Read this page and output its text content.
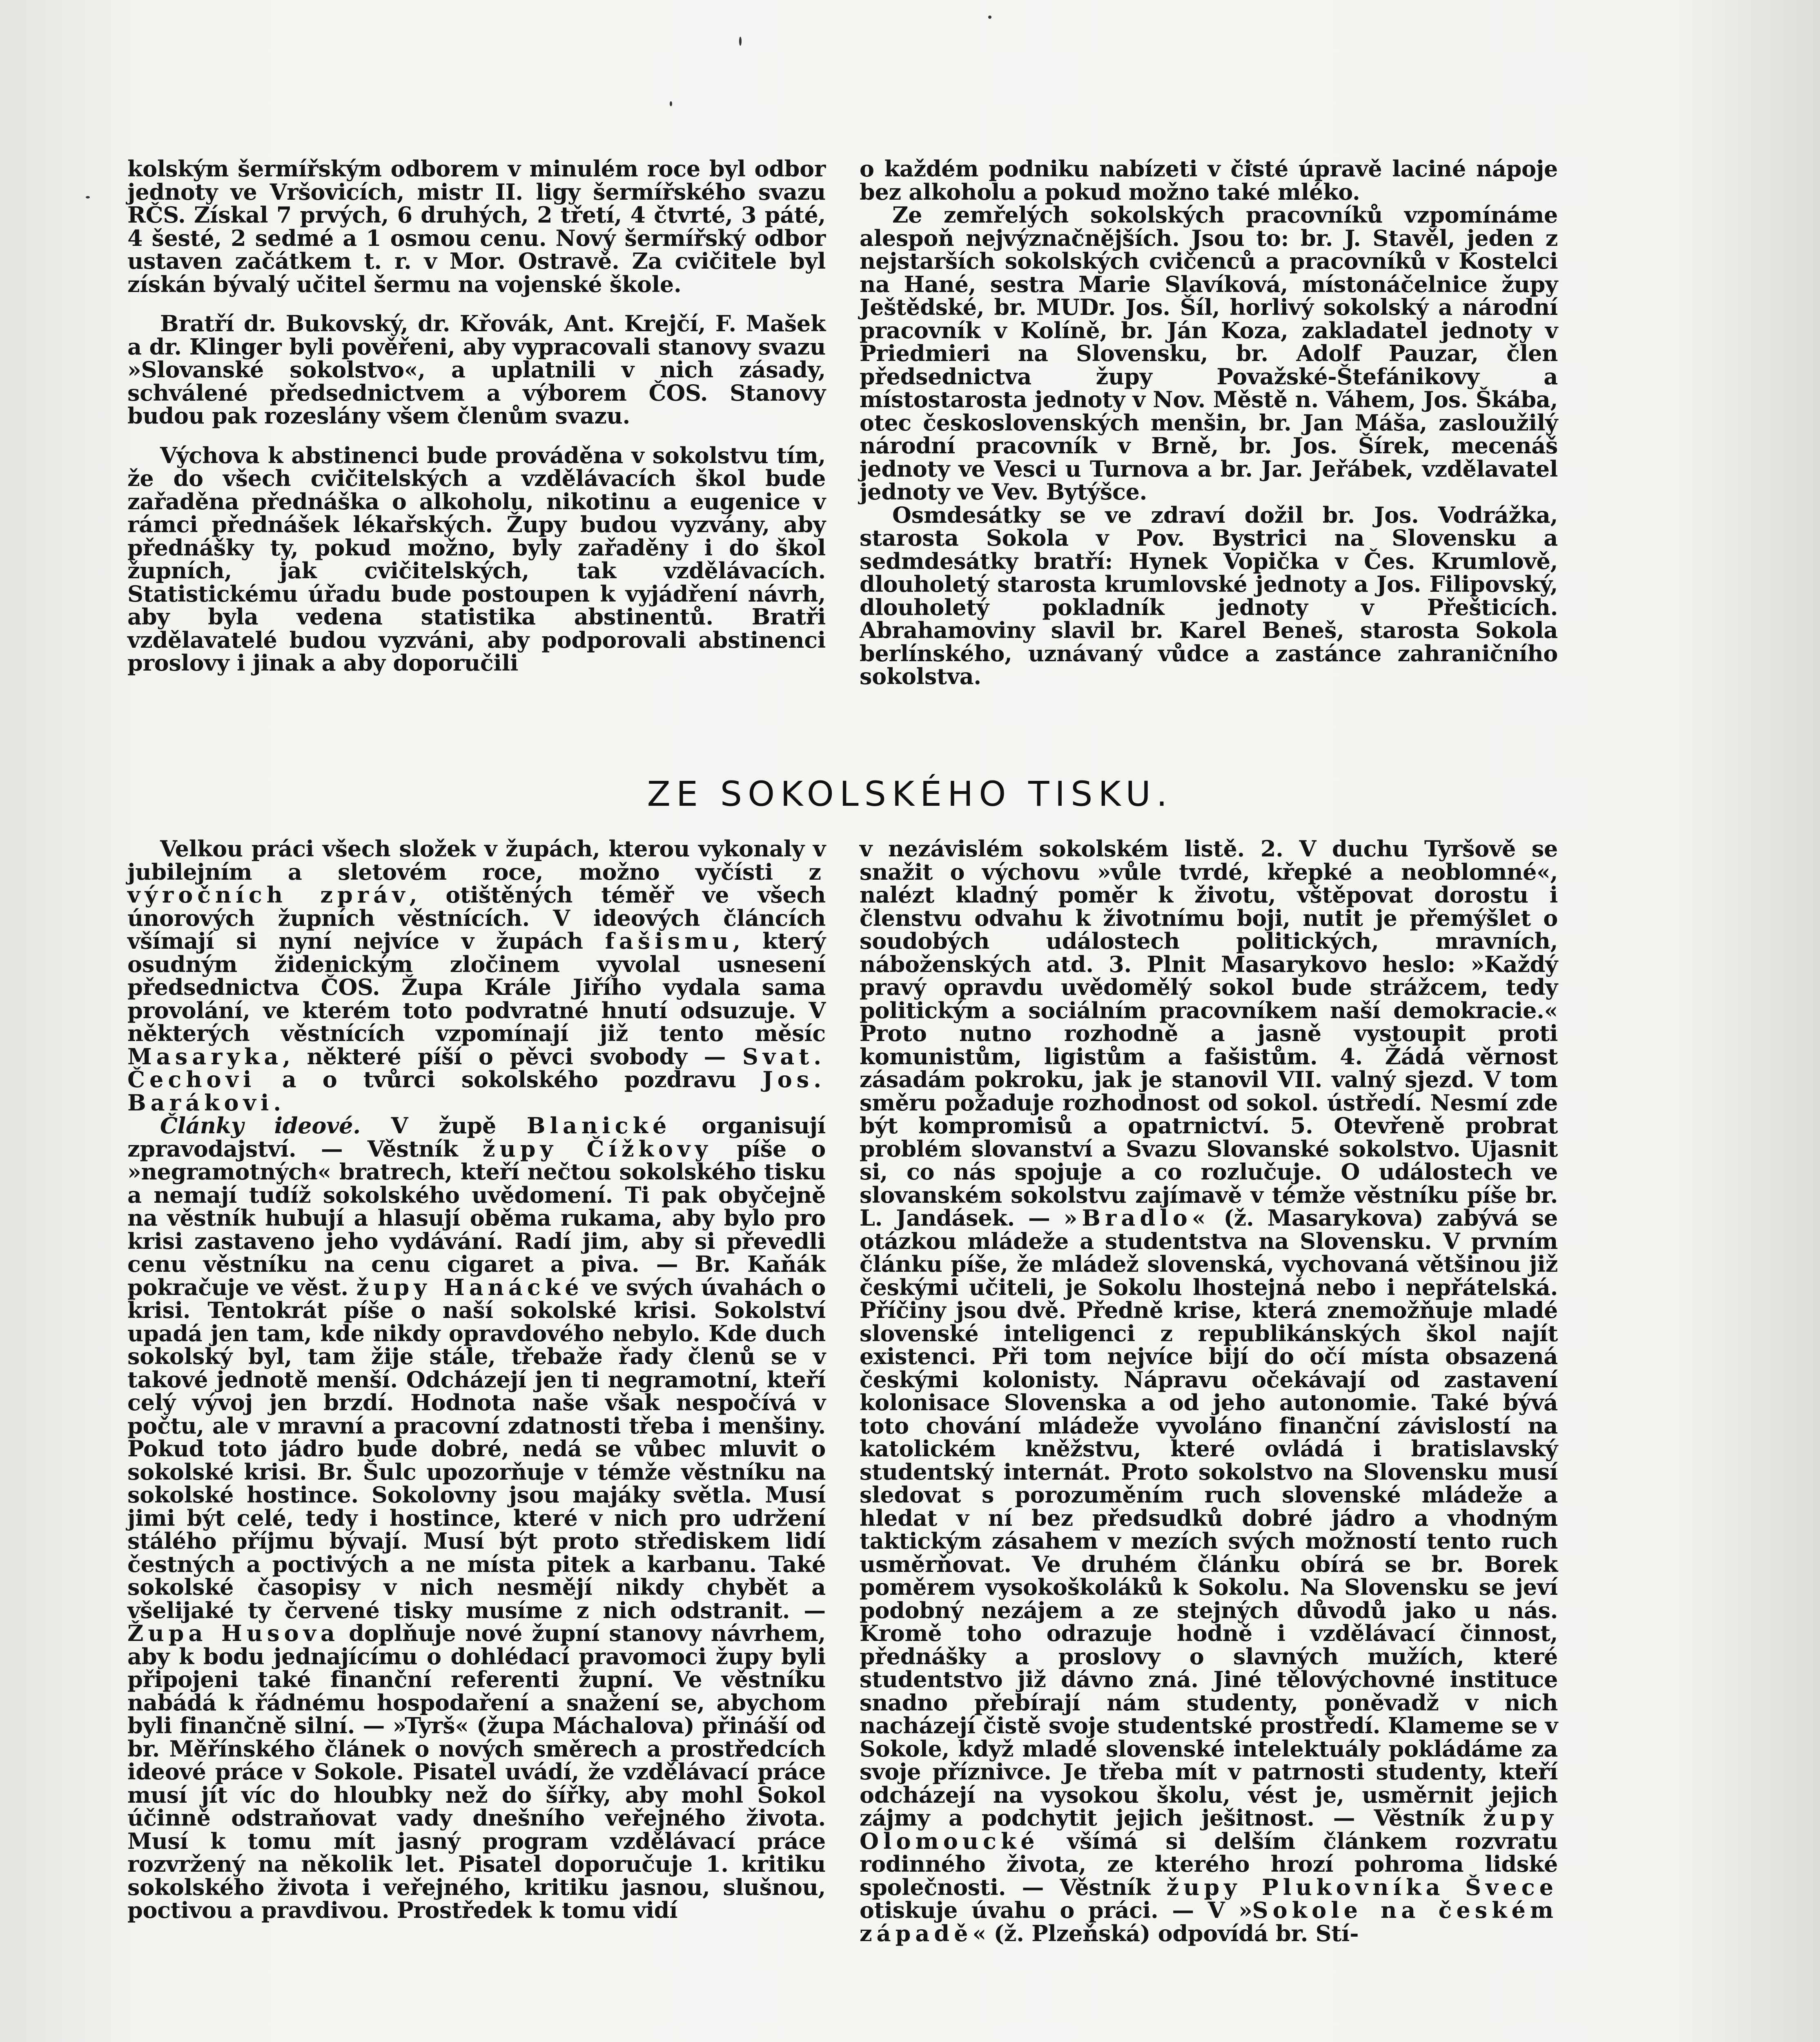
kolským šermířským odborem v minulém roce byl odbor jednoty ve Vršovicích, mistr II. ligy šermířského svazu RČS. Získal 7 prvých, 6 druhých, 2 třetí, 4 čtvrté, 3 páté, 4 šesté, 2 sedmé a 1 osmou cenu. Nový šermířský odbor ustaven začátkem t. r. v Mor. Ostravě. Za cvičitele byl získán bývalý učitel šermu na vojenské škole.

Bratří dr. Bukovský, dr. Křovák, Ant. Krejčí, F. Mašek a dr. Klinger byli pověřeni, aby vypracovali stanovy svazu »Slovanské sokolstvo«, a uplatnili v nich zásady, schválené předsednictvem a výborem ČOS. Stanovy budou pak rozeslány všem členům svazu.

Výchova k abstinenci bude prováděna v sokolstvu tím, že do všech cvičitelských a vzdělávacích škol bude zařaděna přednáška o alkoholu, nikotinu a eugenice v rámci přednášek lékařských. Župy budou vyzvány, aby přednášky ty, pokud možno, byly zařaděny i do škol župních, jak cvičitelských, tak vzdělávacích. Statistickému úřadu bude postoupen k vyjádření návrh, aby byla vedena statistika abstinentů. Bratři vzdělavatelé budou vyzváni, aby podporovali abstinenci proslovy i jinak a aby doporučili

o každém podniku nabízeti v čisté úpravě laciné nápoje bez alkoholu a pokud možno také mléko.

Ze zemřelých sokolských pracovníků vzpomínáme alespoň nejvýznačnějších. Jsou to: br. J. Stavěl, jeden z nejstarších sokolských cvičenců a pracovníků v Kostelci na Hané, sestra Marie Slavíková, místonáčelnice župy Ještědské, br. MUDr. Jos. Šíl, horlivý sokolský a národní pracovník v Kolíně, br. Ján Koza, zakladatel jednoty v Priedmieri na Slovensku, br. Adolf Pauzar, člen předsednictva župy Považské-Štefánikovy a místostarosta jednoty v Nov. Městě n. Váhem, Jos. Škába, otec československých menšin, br. Jan Máša, zasloužilý národní pracovník v Brně, br. Jos. Šírek, mecenáš jednoty ve Vesci u Turnova a br. Jar. Jeřábek, vzdělavatel jednoty ve Vev. Bytýšce.

Osmdesátky se ve zdraví dožil br. Jos. Vodrážka, starosta Sokola v Pov. Bystrici na Slovensku a sedmdesátky bratří: Hynek Vopička v Čes. Krumlově, dlouholetý starosta krumlovské jednoty a Jos. Filipovský, dlouholetý pokladník jednoty v Přešticích. Abrahamoviny slavil br. Karel Beneš, starosta Sokola berlínského, uznávaný vůdce a zastánce zahraničního sokolstva.

ZE SOKOLSKÉHO TISKU.

Velkou práci všech složek v župách, kterou vykonaly v jubilejním a sletovém roce, možno vyčísti z výročních zpráv, otištěných téměř ve všech únorových župních věstnících. V ideových článcích všímají si nyní nejvíce v župách fašismu, který osudným židenickým zločinem vyvolal usnesení předsednictva ČOS. Župa Krále Jiřího vydala sama provolání, ve kterém toto podvratné hnutí odsuzuje. V některých věstnících vzpomínají již tento měsíc Masaryka, některé píší o pěvci svobody — Svat. Čechovi a o tvůrci sokolského pozdravu Jos. Barákovi.

Články ideové. V župě Blanické organisují zpravodajství. — Věstník župy Čížkovy píše o »negramotných« bratrech, kteří nečtou sokolského tisku a nemají tudíž sokolského uvědomení. Ti pak obyčejně na věstník hubují a hlasují oběma rukama, aby bylo pro krisi zastaveno jeho vydávání. Radí jim, aby si převedli cenu věstníku na cenu cigaret a piva. — Br. Kaňák pokračuje ve věst. župy Hanácké ve svých úvahách o krisi. Tentokrát píše o naší sokolské krisi. Sokolství upadá jen tam, kde nikdy opravdového nebylo. Kde duch sokolský byl, tam žije stále, třebaže řady členů se v takové jednotě menší. Odcházejí jen ti negramotní, kteří celý vývoj jen brzdí. Hodnota naše však nespočívá v počtu, ale v mravní a pracovní zdatnosti třeba i menšiny. Pokud toto jádro bude dobré, nedá se vůbec mluvit o sokolské krisi. Br. Šulc upozorňuje v témže věstníku na sokolské hostince. Sokolovny jsou majáky světla. Musí jimi být celé, tedy i hostince, které v nich pro udržení stálého příjmu bývají. Musí být proto střediskem lidí čestných a poctivých a ne místa pitek a karbanu. Také sokolské časopisy v nich nesmějí nikdy chybět a všelijaké ty červené tisky musíme z nich odstranit. — Župa Husova doplňuje nové župní stanovy návrhem, aby k bodu jednajícímu o dohlédací pravomoci župy byli připojeni také finanční referenti župní. Ve věstníku nabádá k řádnému hospodaření a snažení se, abychom byli finančně silní. — »Tyrš« (župa Máchalova) přináší od br. Měřínského článek o nových směrech a prostředcích ideové práce v Sokole. Pisatel uvádí, že vzdělávací práce musí jít víc do hloubky než do šířky, aby mohl Sokol účinně odstraňovat vady dnešního veřejného života. Musí k tomu mít jasný program vzdělávací práce rozvržený na několik let. Pisatel doporučuje 1. kritiku sokolského života i veřejného, kritiku jasnou, slušnou, poctivou a pravdivou. Prostředek k tomu vidí

v nezávislém sokolském listě. 2. V duchu Tyršově se snažit o výchovu »vůle tvrdé, křepké a neoblomné«, nalézt kladný poměr k životu, vštěpovat dorostu i členstvu odvahu k životnímu boji, nutit je přemýšlet o soudobých událostech politických, mravních, náboženských atd. 3. Plnit Masarykovo heslo: »Každý pravý opravdu uvědomělý sokol bude strážcem, tedy politickým a sociálním pracovníkem naší demokracie.« Proto nutno rozhodně a jasně vystoupit proti komunistům, ligistům a fašistům. 4. Žádá věrnost zásadám pokroku, jak je stanovil VII. valný sjezd. V tom směru požaduje rozhodnost od sokol. ústředí. Nesmí zde být kompromisů a opatrnictví. 5. Otevřeně probrat problém slovanství a Svazu Slovanské sokolstvo. Ujasnit si, co nás spojuje a co rozlučuje. O událostech ve slovanském sokolstvu zajímavě v témže věstníku píše br. L. Jandásek. — »Bradlo« (ž. Masarykova) zabývá se otázkou mládeže a studentstva na Slovensku. V prvním článku píše, že mládež slovenská, vychovaná většinou již českými učiteli, je Sokolu lhostejná nebo i nepřátelská. Příčiny jsou dvě. Předně krise, která znemožňuje mladé slovenské inteligenci z republikánských škol najít existenci. Při tom nejvíce bijí do očí místa obsazená českými kolonisty. Nápravu očekávají od zastavení kolonisace Slovenska a od jeho autonomie. Také bývá toto chování mládeže vyvoláno finanční závislostí na katolickém kněžstvu, které ovládá i bratislavský studentský internát. Proto sokolstvo na Slovensku musí sledovat s porozuměním ruch slovenské mládeže a hledat v ní bez předsudků dobré jádro a vhodným taktickým zásahem v mezích svých možností tento ruch usměrňovat. Ve druhém článku obírá se br. Borek poměrem vysokoškoláků k Sokolu. Na Slovensku se jeví podobný nezájem a ze stejných důvodů jako u nás. Kromě toho odrazuje hodně i vzdělávací činnost, přednášky a proslovy o slavných mužích, které studentstvo již dávno zná. Jiné tělovýchovné instituce snadno přebírají nám studenty, poněvadž v nich nacházejí čistě svoje studentské prostředí. Klameme se v Sokole, když mladé slovenské intelektuály pokládáme za svoje příznivce. Je třeba mít v patrnosti studenty, kteří odcházejí na vysokou školu, vést je, usměrnit jejich zájmy a podchytit jejich ješitnost. — Věstník župy Olomoucké všímá si delším článkem rozvratu rodinného života, ze kterého hrozí pohroma lidské společnosti. — Věstník župy Plukovníka Švece otiskuje úvahu o práci. — V »Sokole na českém západě« (ž. Plzeňská) odpovídá br. Stí-
